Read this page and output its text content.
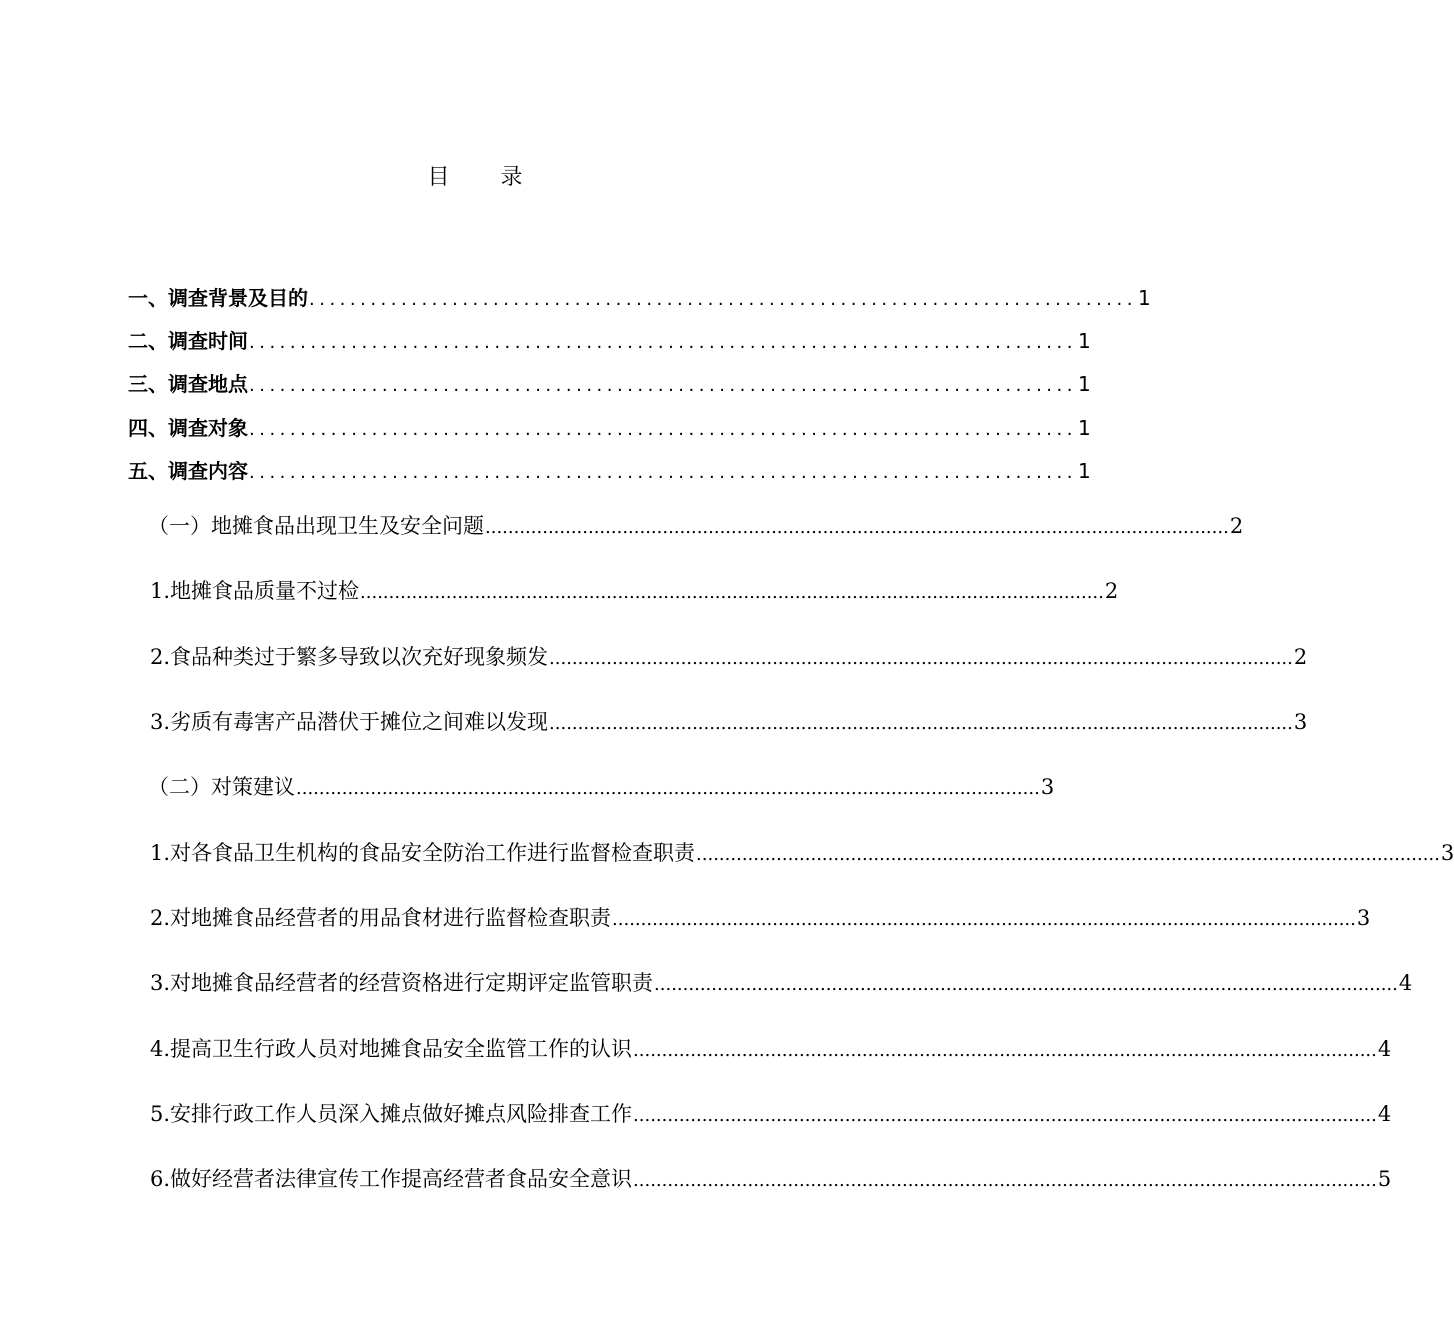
目 录
一、调查背景及目的 ................................................................................. 1
二、调查时间 ................................................................................. 1
三、调查地点 ................................................................................. 1
四、调查对象 ................................................................................. 1
五、调查内容 ................................................................................. 1
（一）地摊食品出现卫生及安全问题 .................................................................................................................................. 2
1.地摊食品质量不过检 .................................................................................................................................. 2
2.食品种类过于繁多导致以次充好现象频发 .................................................................................................................................. 2
3.劣质有毒害产品潜伏于摊位之间难以发现 .................................................................................................................................. 3
（二）对策建议 .................................................................................................................................. 3
1.对各食品卫生机构的食品安全防治工作进行监督检查职责 .................................................................................................................................. 3
2.对地摊食品经营者的用品食材进行监督检查职责 .................................................................................................................................. 3
3.对地摊食品经营者的经营资格进行定期评定监管职责 .................................................................................................................................. 4
4.提高卫生行政人员对地摊食品安全监管工作的认识 .................................................................................................................................. 4
5.安排行政工作人员深入摊点做好摊点风险排查工作 .................................................................................................................................. 4
6.做好经营者法律宣传工作提高经营者食品安全意识 .................................................................................................................................. 5
